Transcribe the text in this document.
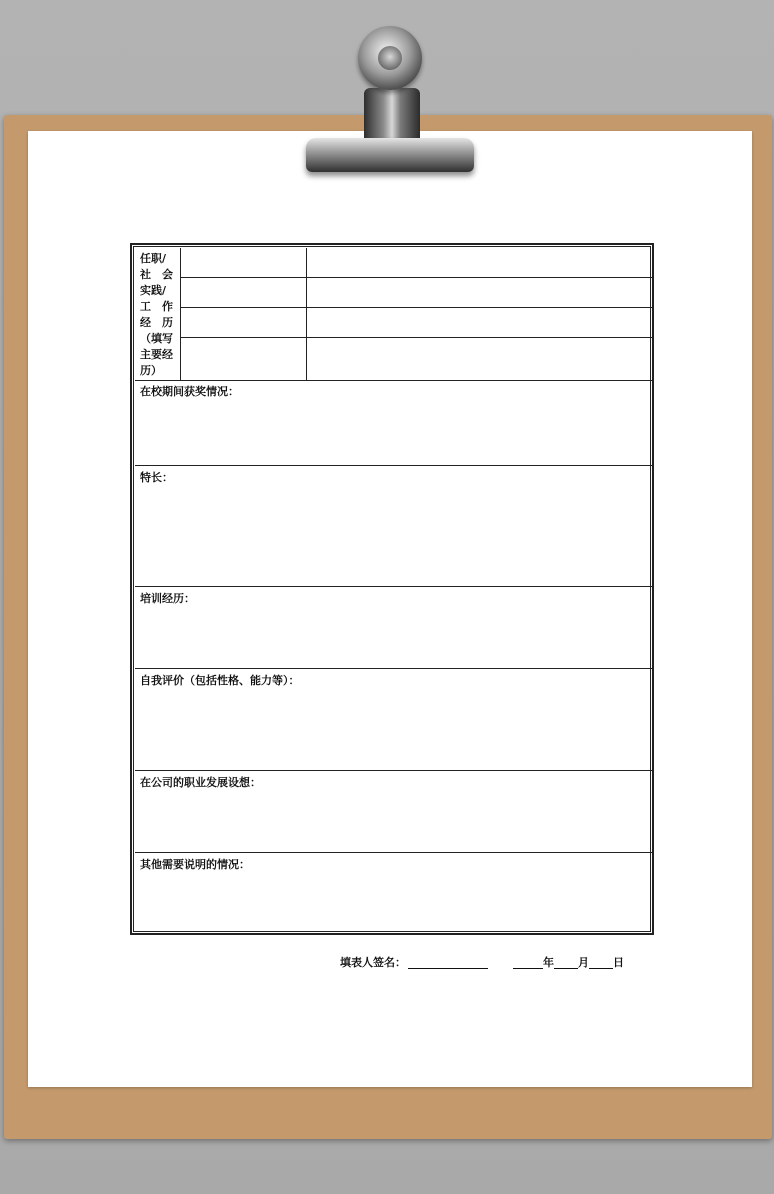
任职/
社　会
实践/
工　作
经　历
（填写
主要经
历）
在校期间获奖情况：
特长：
培训经历：
自我评价（包括性格、能力等）：
在公司的职业发展设想：
其他需要说明的情况：
填表人签名：	年 月 日
